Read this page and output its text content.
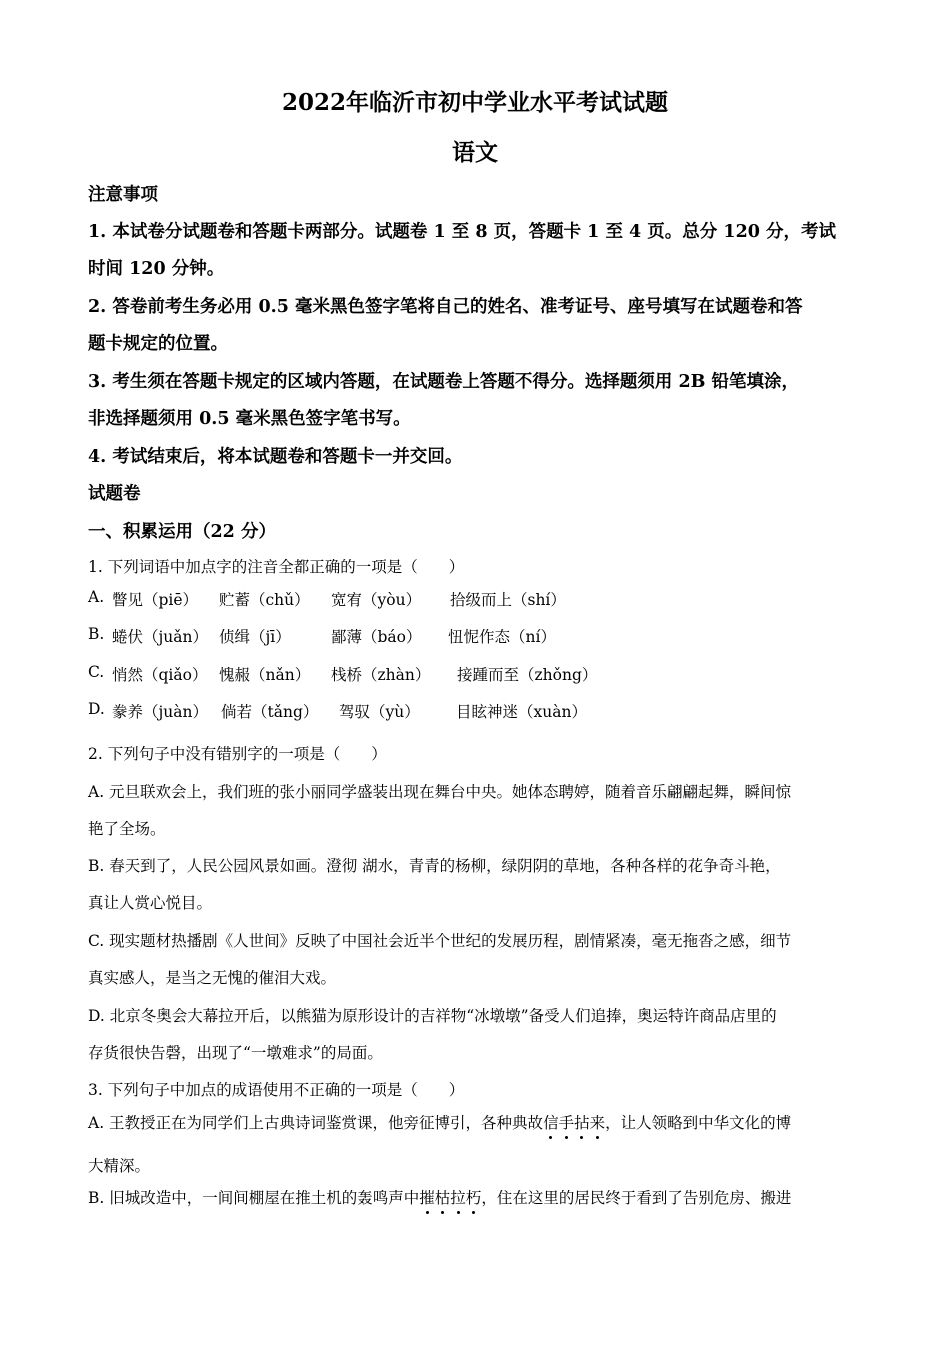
2022年临沂市初中学业水平考试试题
语文
注意事项
1. 本试卷分试题卷和答题卡两部分。试题卷 1 至 8 页，答题卡 1 至 4 页。总分 120 分，考试
时间 120 分钟。
2. 答卷前考生务必用 0.5 毫米黑色签字笔将自己的姓名、准考证号、座号填写在试题卷和答
题卡规定的位置。
3. 考生须在答题卡规定的区域内答题，在试题卷上答题不得分。选择题须用 2B 铅笔填涂，
非选择题须用 0.5 毫米黑色签字笔书写。
4. 考试结束后，将本试题卷和答题卡一并交回。
试题卷
一、积累运用（22 分）
1. 下列词语中加点字的注音全都正确的一项是（　　）
A. 瞥见（piē） 贮蓄（chǔ） 宽宥（yòu） 拾级而上（shí）
B. 蜷伏（juǎn） 侦缉（jī）	鄙薄（báo） 忸怩作态（ní）
C. 悄然（qiǎo） 愧赧（nǎn） 栈桥（zhàn） 接踵而至（zhǒng）
D. 豢养（juàn） 倘若（tǎng） 驾驭（yù） 目眩神迷（xuàn）
2. 下列句子中没有错别字的一项是（　　）
A. 元旦联欢会上，我们班的张小丽同学盛装出现在舞台中央。她体态聘婷，随着音乐翩翩起舞，瞬间惊
艳了全场。
B. 春天到了，人民公园风景如画。澄彻 湖水，青青的杨柳，绿阴阴的草地，各种各样的花争奇斗艳，
真让人赏心悦目。
C. 现实题材热播剧《人世间》反映了中国社会近半个世纪的发展历程，剧情紧凑，毫无拖沓之感，细节
真实感人，是当之无愧的催泪大戏。
D. 北京冬奥会大幕拉开后，以熊猫为原形设计的吉祥物“冰墩墩”备受人们追捧，奥运特许商品店里的
存货很快告磬，出现了“一墩难求”的局面。
3. 下列句子中加点的成语使用不正确的一项是（　　）
A. 王教授正在为同学们上古典诗词鉴赏课，他旁征博引，各种典故信手拈来，让人领略到中华文化的博
大精深。
B. 旧城改造中，一间间棚屋在推土机的轰鸣声中摧枯拉朽，住在这里的居民终于看到了告别危房、搬进
